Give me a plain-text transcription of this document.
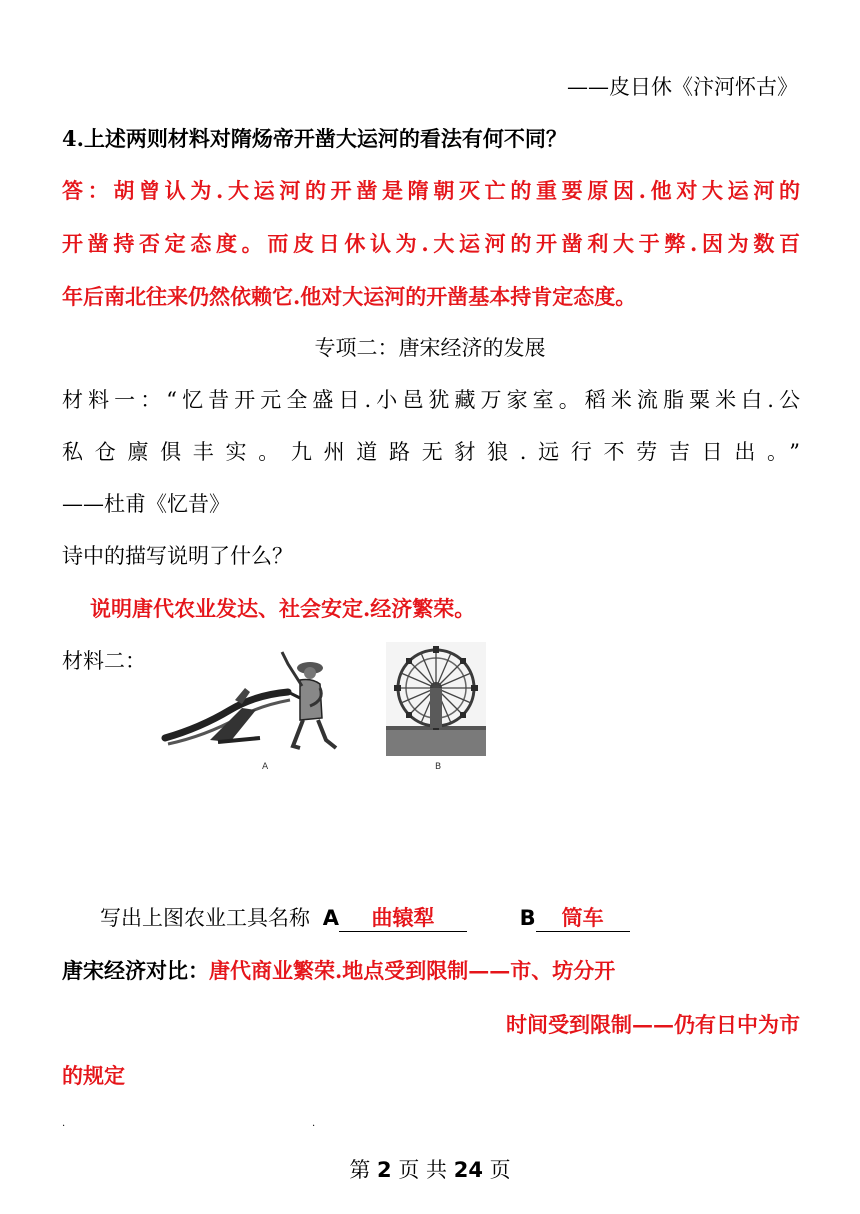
——皮日休《汴河怀古》
4.上述两则材料对隋炀帝开凿大运河的看法有何不同？
答：胡曾认为.大运河的开凿是隋朝灭亡的重要原因.他对大运河的
开凿持否定态度。而皮日休认为.大运河的开凿利大于弊.因为数百
年后南北往来仍然依赖它.他对大运河的开凿基本持肯定态度。
专项二：唐宋经济的发展
材料一：“忆昔开元全盛日.小邑犹藏万家室。稻米流脂粟米白.公
私仓廪俱丰实。九州道路无豺狼.远行不劳吉日出。”
——杜甫《忆昔》
诗中的描写说明了什么？
说明唐代农业发达、社会安定.经济繁荣。
材料二：
A	B
写出上图农业工具名称 A 曲辕犁	B 筒车
唐宋经济对比：唐代商业繁荣.地点受到限制——市、坊分开
时间受到限制——仍有日中为市
的规定
.	.
第 2 页 共 24 页
